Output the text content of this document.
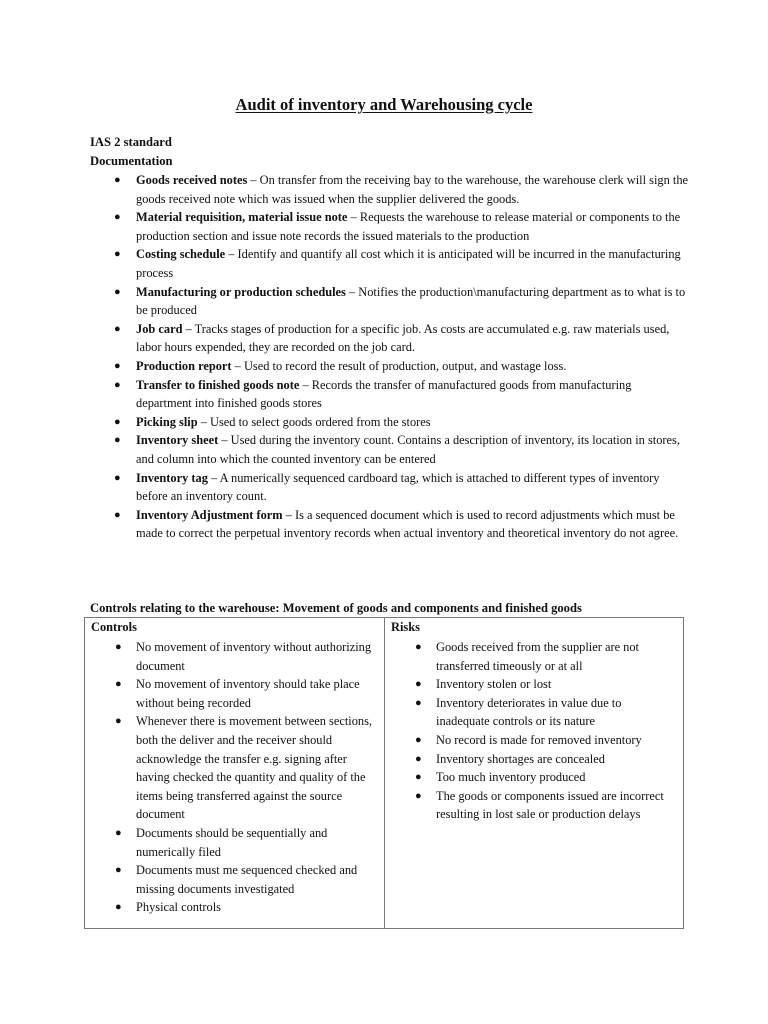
Audit of inventory and Warehousing cycle
IAS 2 standard
Documentation
● Goods received notes – On transfer from the receiving bay to the warehouse, the warehouse clerk will sign the goods received note which was issued when the supplier delivered the goods.
● Material requisition, material issue note – Requests the warehouse to release material or components to the production section and issue note records the issued materials to the production
● Costing schedule – Identify and quantify all cost which it is anticipated will be incurred in the manufacturing process
● Manufacturing or production schedules – Notifies the production\manufacturing department as to what is to be produced
● Job card – Tracks stages of production for a specific job. As costs are accumulated e.g. raw materials used, labor hours expended, they are recorded on the job card.
● Production report – Used to record the result of production, output, and wastage loss.
● Transfer to finished goods note – Records the transfer of manufactured goods from manufacturing department into finished goods stores
● Picking slip – Used to select goods ordered from the stores
● Inventory sheet – Used during the inventory count. Contains a description of inventory, its location in stores, and column into which the counted inventory can be entered
● Inventory tag – A numerically sequenced cardboard tag, which is attached to different types of inventory before an inventory count.
● Inventory Adjustment form – Is a sequenced document which is used to record adjustments which must be made to correct the perpetual inventory records when actual inventory and theoretical inventory do not agree.
Controls relating to the warehouse: Movement of goods and components and finished goods
Controls	Risks
● No movement of inventory without authorizing document
● No movement of inventory should take place without being recorded
● Whenever there is movement between sections, both the deliver and the receiver should acknowledge the transfer e.g. signing after having checked the quantity and quality of the items being transferred against the source document
● Documents should be sequentially and numerically filed
● Documents must me sequenced checked and missing documents investigated
● Physical controls
● Goods received from the supplier are not transferred timeously or at all
● Inventory stolen or lost
● Inventory deteriorates in value due to inadequate controls or its nature
● No record is made for removed inventory
● Inventory shortages are concealed
● Too much inventory produced
● The goods or components issued are incorrect resulting in lost sale or production delays
